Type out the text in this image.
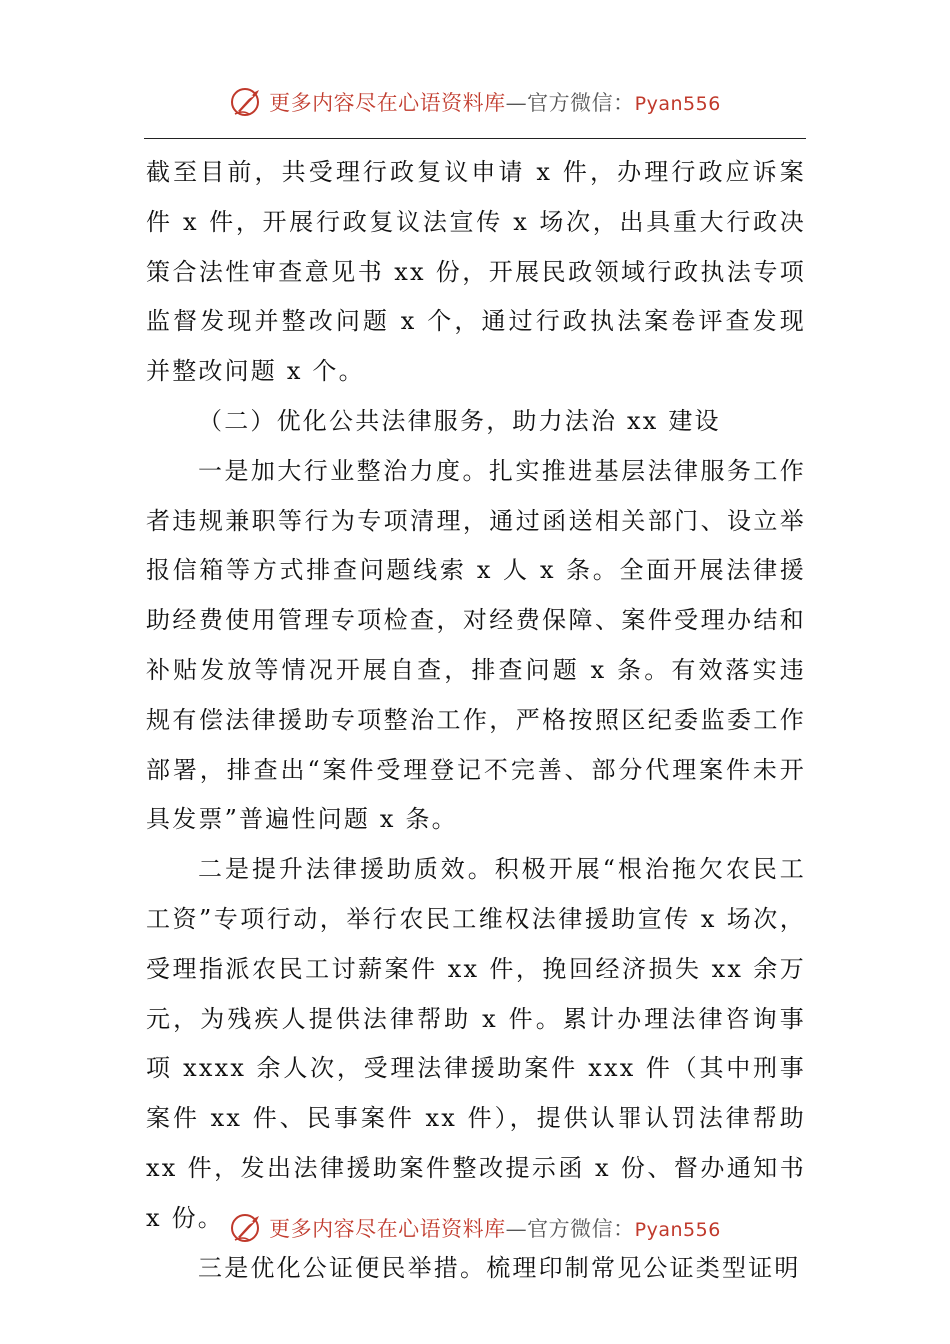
更多内容尽在心语资料库—官方微信：Pyan556

截至目前，共受理行政复议申请 x 件，办理行政应诉案件 x 件，开展行政复议法宣传 x 场次，出具重大行政决策合法性审查意见书 xx 份，开展民政领域行政执法专项监督发现并整改问题 x 个，通过行政执法案卷评查发现并整改问题 x 个。

（二）优化公共法律服务，助力法治 xx 建设

一是加大行业整治力度。扎实推进基层法律服务工作者违规兼职等行为专项清理，通过函送相关部门、设立举报信箱等方式排查问题线索 x 人 x 条。全面开展法律援助经费使用管理专项检查，对经费保障、案件受理办结和补贴发放等情况开展自查，排查问题 x 条。有效落实违规有偿法律援助专项整治工作，严格按照区纪委监委工作部署，排查出“案件受理登记不完善、部分代理案件未开具发票”普遍性问题 x 条。

二是提升法律援助质效。积极开展“根治拖欠农民工工资”专项行动，举行农民工维权法律援助宣传 x 场次，受理指派农民工讨薪案件 xx 件，挽回经济损失 xx 余万元，为残疾人提供法律帮助 x 件。累计办理法律咨询事项 xxxx 余人次，受理法律援助案件 xxx 件（其中刑事案件 xx 件、民事案件 xx 件），提供认罪认罚法律帮助 xx 件，发出法律援助案件整改提示函 x 份、督办通知书 x 份。

三是优化公证便民举措。梳理印制常见公证类型证明

更多内容尽在心语资料库—官方微信：Pyan556
